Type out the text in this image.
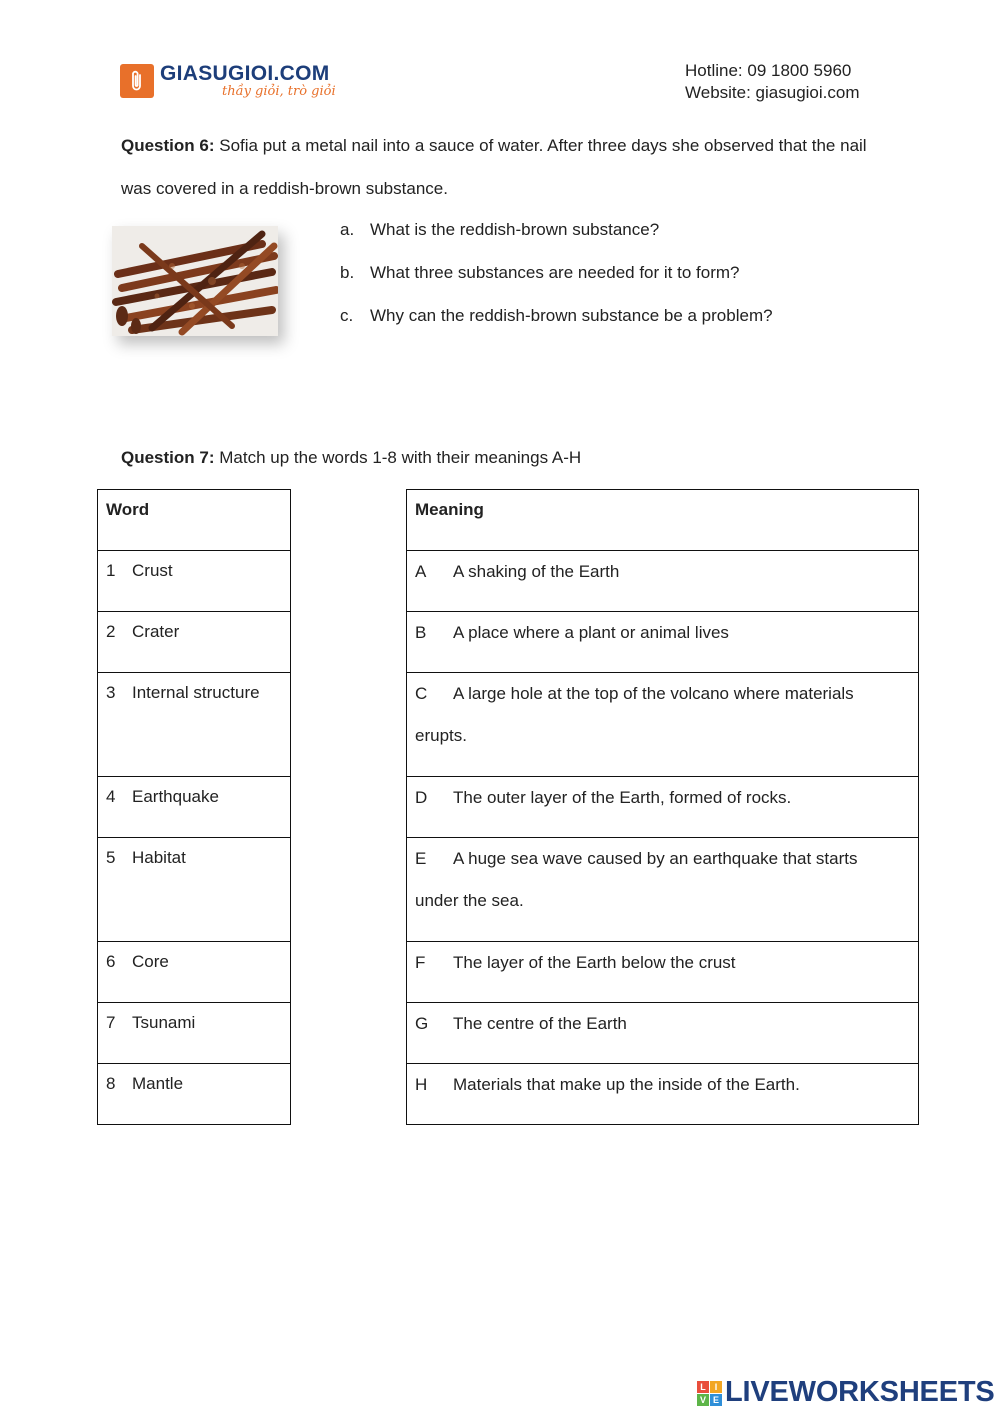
GIASUGIOI.COM
thầy giỏi, trò giỏi
Hotline: 09 1800 5960
Website: giasugioi.com
Question 6: Sofia put a metal nail into a sauce of water. After three days she observed that the nail was covered in a reddish-brown substance.
a. What is the reddish-brown substance?
b. What three substances are needed for it to form?
c. Why can the reddish-brown substance be a problem?
Question 7: Match up the words 1-8 with their meanings A-H
Word
1 Crust
2 Crater
3 Internal structure
4 Earthquake
5 Habitat
6 Core
7 Tsunami
8 Mantle
Meaning
A A shaking of the Earth
B A place where a plant or animal lives
C A large hole at the top of the volcano where materials
erupts.

D The outer layer of the Earth, formed of rocks.
E A huge sea wave caused by an earthquake that starts
under the sea.

F The layer of the Earth below the crust
G The centre of the Earth
H Materials that make up the inside of the Earth.
L I
V E LIVEWORKSHEETS
